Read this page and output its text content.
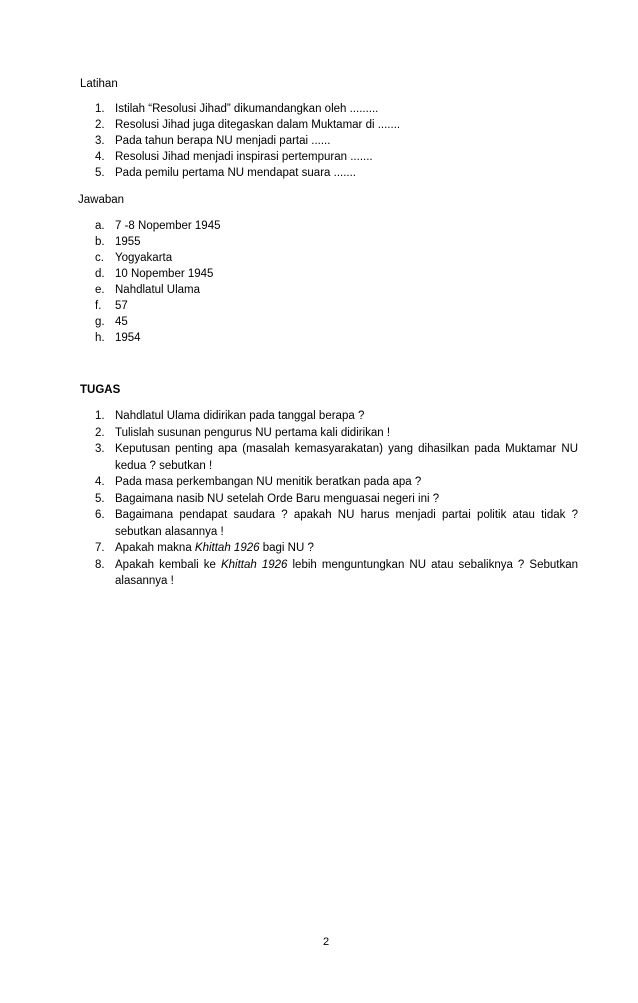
Latihan
1. Istilah “Resolusi Jihad” dikumandangkan oleh .........
2. Resolusi Jihad juga ditegaskan dalam Muktamar di .......
3. Pada tahun berapa NU menjadi partai ......
4. Resolusi Jihad menjadi inspirasi pertempuran .......
5. Pada pemilu pertama NU mendapat suara .......
Jawaban
a. 7 -8 Nopember 1945
b. 1955
c. Yogyakarta
d. 10 Nopember 1945
e. Nahdlatul Ulama
f. 57
g. 45
h. 1954
TUGAS
1. Nahdlatul Ulama didirikan pada tanggal berapa ?
2. Tulislah susunan pengurus NU pertama kali didirikan !
3. Keputusan penting apa (masalah kemasyarakatan) yang dihasilkan pada Muktamar NU kedua ? sebutkan !
4. Pada masa perkembangan NU menitik beratkan pada apa ?
5. Bagaimana nasib NU setelah Orde Baru menguasai negeri ini ?
6. Bagaimana pendapat saudara ? apakah NU harus menjadi partai politik atau tidak ? sebutkan alasannya !
7. Apakah makna Khittah 1926 bagi NU ?
8. Apakah kembali ke Khittah 1926 lebih menguntungkan NU atau sebaliknya ? Sebutkan alasannya !
2
